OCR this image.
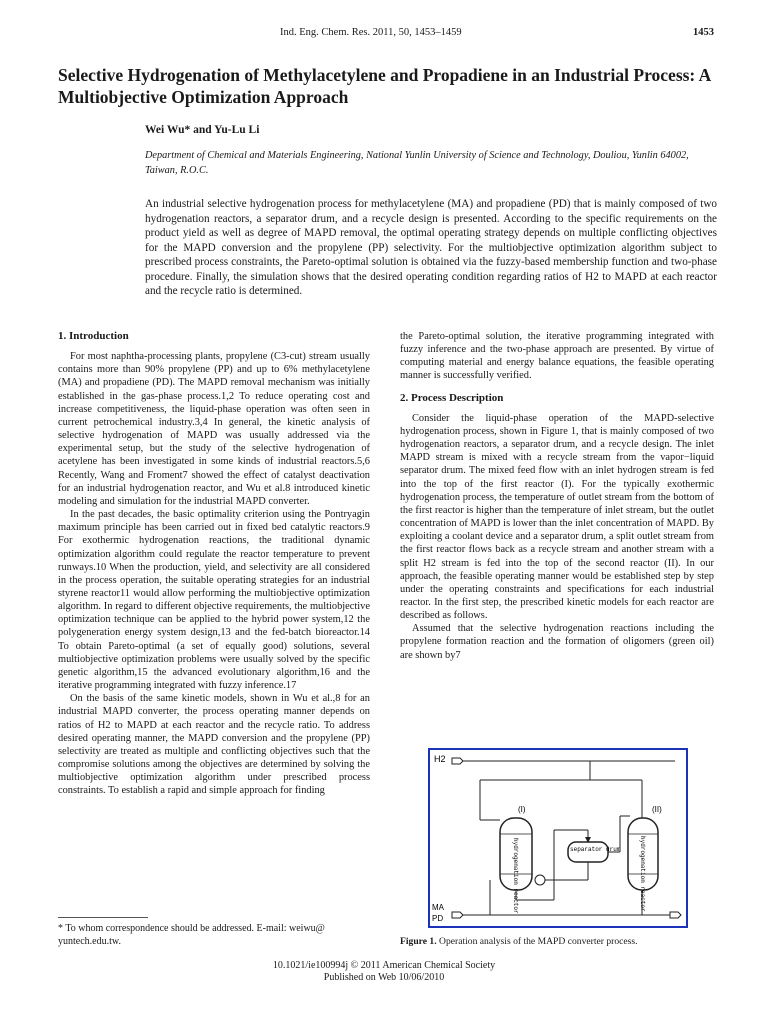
Ind. Eng. Chem. Res. 2011, 50, 1453–1459	1453
Selective Hydrogenation of Methylacetylene and Propadiene in an Industrial Process: A Multiobjective Optimization Approach
Wei Wu* and Yu-Lu Li
Department of Chemical and Materials Engineering, National Yunlin University of Science and Technology, Douliou, Yunlin 64002, Taiwan, R.O.C.
An industrial selective hydrogenation process for methylacetylene (MA) and propadiene (PD) that is mainly composed of two hydrogenation reactors, a separator drum, and a recycle design is presented. According to the specific requirements on the product yield as well as degree of MAPD removal, the optimal operating strategy depends on multiple conflicting objectives for the MAPD conversion and the propylene (PP) selectivity. For the multiobjective optimization algorithm subject to prescribed process constraints, the Pareto-optimal solution is obtained via the fuzzy-based membership function and two-phase procedure. Finally, the simulation shows that the desired operating condition regarding ratios of H2 to MAPD at each reactor and the recycle ratio is determined.
1. Introduction

For most naphtha-processing plants, propylene (C3-cut) stream usually contains more than 90% propylene (PP) and up to 6% methylacetylene (MA) and propadiene (PD). The MAPD removal mechanism was initially established in the gas-phase process.1,2 To reduce operating cost and increase competitiveness, the liquid-phase operation was often seen in current petrochemical industry.3,4 In general, the kinetic analysis of selective hydrogenation of MAPD was usually addressed via the experimental setup, but the study of the selective hydrogenation of acetylene has been investigated in some kinds of industrial reactors.5,6 Recently, Wang and Froment7 showed the effect of catalyst deactivation for an industrial hydrogenation reactor, and Wu et al.8 introduced kinetic modeling and simulation for the industrial MAPD converter.

In the past decades, the basic optimality criterion using the Pontryagin maximum principle has been carried out in fixed bed catalytic reactors.9 For exothermic hydrogenation reactions, the traditional dynamic optimization algorithm could regulate the reactor temperature to prevent runways.10 When the production, yield, and selectivity are all considered in the process operation, the suitable operating strategies for an industrial styrene reactor11 would allow performing the multiobjective optimization algorithm. In regard to different objective requirements, the multiobjective optimization technique can be applied to the hybrid power system,12 the polygeneration energy system design,13 and the fed-batch bioreactor.14 To obtain Pareto-optimal (a set of equally good) solutions, several multiobjective optimization problems were usually solved by the specific genetic algorithm,15 the advanced evolutionary algorithm,16 and the iterative programming integrated with fuzzy inference.17

On the basis of the same kinetic models, shown in Wu et al.,8 for an industrial MAPD converter, the process operating manner depends on ratios of H2 to MAPD at each reactor and the recycle ratio. To address desired operating manner, the MAPD conversion and the propylene (PP) selectivity are treated as multiple and conflicting objectives such that the compromise solutions among the objectives are determined by solving the multiobjective optimization algorithm under prescribed process constraints. To establish a rapid and simple approach for finding

the Pareto-optimal solution, the iterative programming integrated with fuzzy inference and the two-phase approach are presented. By virtue of computing material and energy balance equations, the feasible operating manner is successfully verified.

2. Process Description

Consider the liquid-phase operation of the MAPD-selective hydrogenation process, shown in Figure 1, that is mainly composed of two hydrogenation reactors, a separator drum, and a recycle design. The inlet MAPD stream is mixed with a recycle stream from the vapor−liquid separator drum. The mixed feed flow with an inlet hydrogen stream is fed into the top of the first reactor (I). For the typically exothermic hydrogenation process, the temperature of outlet stream from the bottom of the first reactor is higher than the temperature of inlet stream, but the outlet concentration of MAPD is lower than the inlet concentration of MAPD. By exploiting a coolant device and a separator drum, a split outlet stream from the first reactor flows back as a recycle stream and another stream with a split H2 stream is fed into the top of the second reactor (II). In our approach, the feasible operating manner would be established step by step under the operating constraints and specifications for each industrial reactor. In the first step, the prescribed kinetic models for each reactor are described as follows.

Assumed that the selective hydrogenation reactions including the propylene formation reaction and the formation of oligomers (green oil) are shown by7

H2
(I)
hydrogenation reactor	separator drum
(II)
hydrogenation reactor
MA
PD
Figure 1. Operation analysis of the MAPD converter process.
* To whom correspondence should be addressed. E-mail: weiwu@ yuntech.edu.tw.
10.1021/ie100994j © 2011 American Chemical Society
Published on Web 10/06/2010
